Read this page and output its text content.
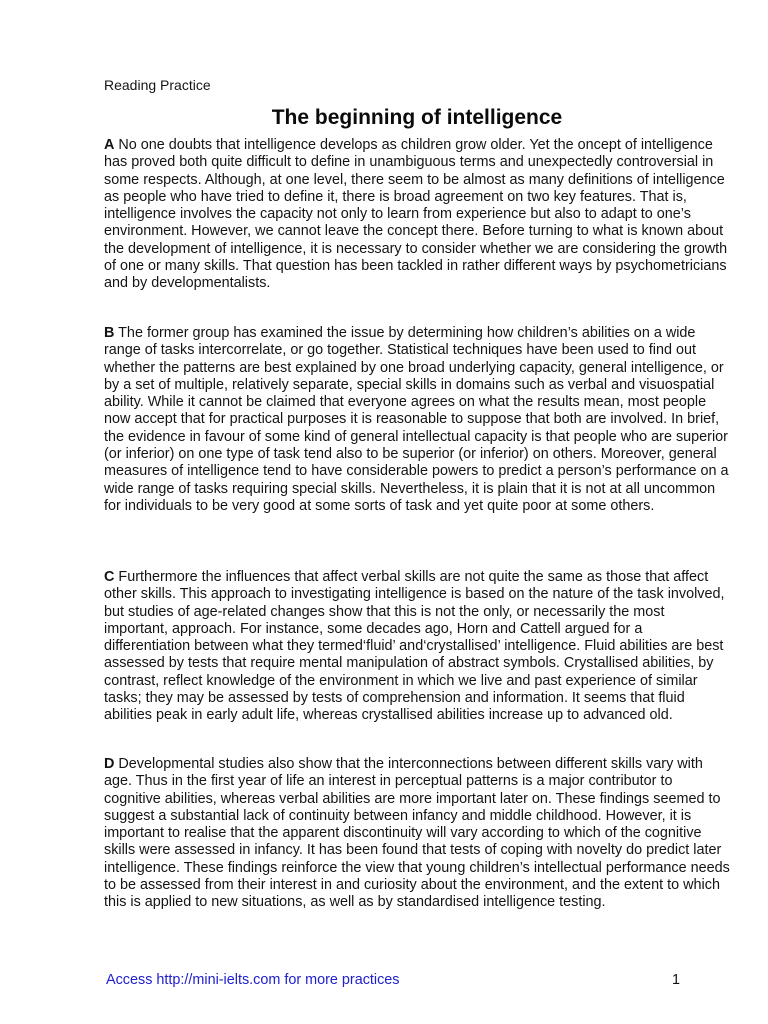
Reading Practice
The beginning of intelligence

A No one doubts that intelligence develops as children grow older. Yet the oncept of intelligence has proved both quite difficult to define in unambiguous terms and unexpectedly controversial in some respects. Although, at one level, there seem to be almost as many definitions of intelligence as people who have tried to define it, there is broad agreement on two key features. That is, intelligence involves the capacity not only to learn from experience but also to adapt to one’s environment. However, we cannot leave the concept there. Before turning to what is known about the development of intelligence, it is necessary to consider whether we are considering the growth of one or many skills. That question has been tackled in rather different ways by psychometricians and by developmentalists.

B The former group has examined the issue by determining how children’s abilities on a wide range of tasks intercorrelate, or go together. Statistical techniques have been used to find out whether the patterns are best explained by one broad underlying capacity, general intelligence, or by a set of multiple, relatively separate, special skills in domains such as verbal and visuospatial ability. While it cannot be claimed that everyone agrees on what the results mean, most people now accept that for practical purposes it is reasonable to suppose that both are involved. In brief, the evidence in favour of some kind of general intellectual capacity is that people who are superior (or inferior) on one type of task tend also to be superior (or inferior) on others. Moreover, general measures of intelligence tend to have considerable powers to predict a person’s performance on a wide range of tasks requiring special skills. Nevertheless, it is plain that it is not at all uncommon for individuals to be very good at some sorts of task and yet quite poor at some others.

C Furthermore the influences that affect verbal skills are not quite the same as those that affect other skills. This approach to investigating intelligence is based on the nature of the task involved, but studies of age-related changes show that this is not the only, or necessarily the most important, approach. For instance, some decades ago, Horn and Cattell argued for a differentiation between what they termed‘fluid’ and‘crystallised’ intelligence. Fluid abilities are best assessed by tests that require mental manipulation of abstract symbols. Crystallised abilities, by contrast, reflect knowledge of the environment in which we live and past experience of similar tasks; they may be assessed by tests of comprehension and information. It seems that fluid abilities peak in early adult life, whereas crystallised abilities increase up to advanced old.

D Developmental studies also show that the interconnections between different skills vary with age. Thus in the first year of life an interest in perceptual patterns is a major contributor to cognitive abilities, whereas verbal abilities are more important later on. These findings seemed to suggest a substantial lack of continuity between infancy and middle childhood. However, it is important to realise that the apparent discontinuity will vary according to which of the cognitive skills were assessed in infancy. It has been found that tests of coping with novelty do predict later intelligence. These findings reinforce the view that young children’s intellectual performance needs to be assessed from their interest in and curiosity about the environment, and the extent to which this is applied to new situations, as well as by standardised intelligence testing.

Access http://mini-ielts.com for more practices	1
